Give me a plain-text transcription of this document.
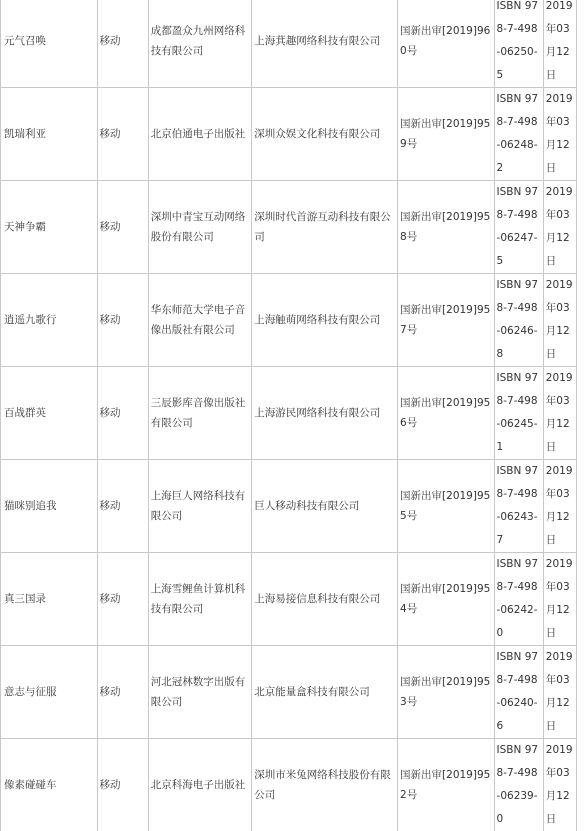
元气召唤	移动	成都盈众九州网络科技有限公司	上海萁趣网络科技有限公司	国新出审[2019]960号	ISBN 978-7-498-06250-5	2019年03月12日
凯瑞利亚	移动	北京伯通电子出版社	深圳众娱文化科技有限公司	国新出审[2019]959号	ISBN 978-7-498-06248-2	2019年03月12日
天神争霸	移动	深圳中青宝互动网络股份有限公司	深圳时代首游互动科技有限公司	国新出审[2019]958号	ISBN 978-7-498-06247-5	2019年03月12日
逍遥九歌行	移动	华东师范大学电子音像出版社有限公司	上海触萌网络科技有限公司	国新出审[2019]957号	ISBN 978-7-498-06246-8	2019年03月12日
百战群英	移动	三辰影库音像出版社有限公司	上海游民网络科技有限公司	国新出审[2019]956号	ISBN 978-7-498-06245-1	2019年03月12日
猫咪别追我	移动	上海巨人网络科技有限公司	巨人移动科技有限公司	国新出审[2019]955号	ISBN 978-7-498-06243-7	2019年03月12日
真三国录	移动	上海雪鲤鱼计算机科技有限公司	上海易接信息科技有限公司	国新出审[2019]954号	ISBN 978-7-498-06242-0	2019年03月12日
意志与征服	移动	河北冠林数字出版有限公司	北京能量盒科技有限公司	国新出审[2019]953号	ISBN 978-7-498-06240-6	2019年03月12日
像素碰碰车	移动	北京科海电子出版社	深圳市米兔网络科技股份有限公司	国新出审[2019]952号	ISBN 978-7-498-06239-0	2019年03月12日
